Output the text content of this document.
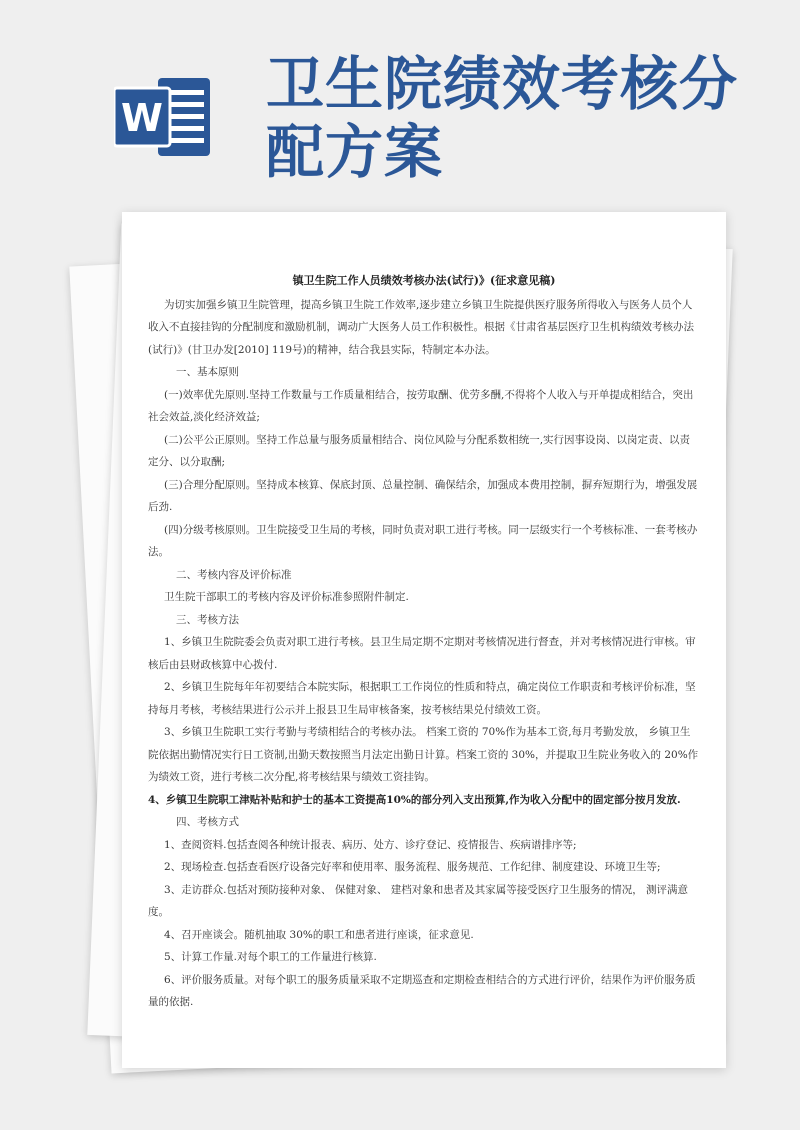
W 卫生院绩效考核分配方案
镇卫生院工作人员绩效考核办法(试行)》(征求意见稿)

为切实加强乡镇卫生院管理，提高乡镇卫生院工作效率,逐步建立乡镇卫生院提供医疗服务所得收入与医务人员个人收入不直接挂钩的分配制度和激励机制，调动广大医务人员工作积极性。根据《甘肃省基层医疗卫生机构绩效考核办法(试行)》(甘卫办发[2010] 119号)的精神，结合我县实际，特制定本办法。

一、基本原则

(一)效率优先原则.坚持工作数量与工作质量相结合，按劳取酬、优劳多酬,不得将个人收入与开单提成相结合，突出社会效益,淡化经济效益;

(二)公平公正原则。坚持工作总量与服务质量相结合、岗位风险与分配系数相统一,实行因事设岗、以岗定责、以责定分、以分取酬;

(三)合理分配原则。坚持成本核算、保底封顶、总量控制、确保结余，加强成本费用控制，摒弃短期行为，增强发展后劲.

(四)分级考核原则。卫生院接受卫生局的考核，同时负责对职工进行考核。同一层级实行一个考核标准、一套考核办法。

二、考核内容及评价标准

卫生院干部职工的考核内容及评价标准参照附件制定.

三、考核方法

1、乡镇卫生院院委会负责对职工进行考核。县卫生局定期不定期对考核情况进行督查，并对考核情况进行审核。审核后由县财政核算中心拨付.

2、乡镇卫生院每年年初要结合本院实际，根据职工工作岗位的性质和特点，确定岗位工作职责和考核评价标准，坚持每月考核，考核结果进行公示并上报县卫生局审核备案，按考核结果兑付绩效工资。

3、乡镇卫生院职工实行考勤与考绩相结合的考核办法。 档案工资的 70%作为基本工资,每月考勤发放， 乡镇卫生院依据出勤情况实行日工资制,出勤天数按照当月法定出勤日计算。档案工资的 30%，并提取卫生院业务收入的 20%作为绩效工资，进行考核二次分配,将考核结果与绩效工资挂钩。

4、乡镇卫生院职工津贴补贴和护士的基本工资提高10%的部分列入支出预算,作为收入分配中的固定部分按月发放.

四、考核方式

1、查阅资料.包括查阅各种统计报表、病历、处方、诊疗登记、疫情报告、疾病谱排序等;

2、现场检查.包括查看医疗设备完好率和使用率、服务流程、服务规范、工作纪律、制度建设、环境卫生等;

3、走访群众.包括对预防接种对象、 保健对象、 建档对象和患者及其家属等接受医疗卫生服务的情况， 测评满意度。

4、召开座谈会。随机抽取 30%的职工和患者进行座谈，征求意见.

5、计算工作量.对每个职工的工作量进行核算.

6、评价服务质量。对每个职工的服务质量采取不定期巡查和定期检查相结合的方式进行评价，结果作为评价服务质量的依据.
